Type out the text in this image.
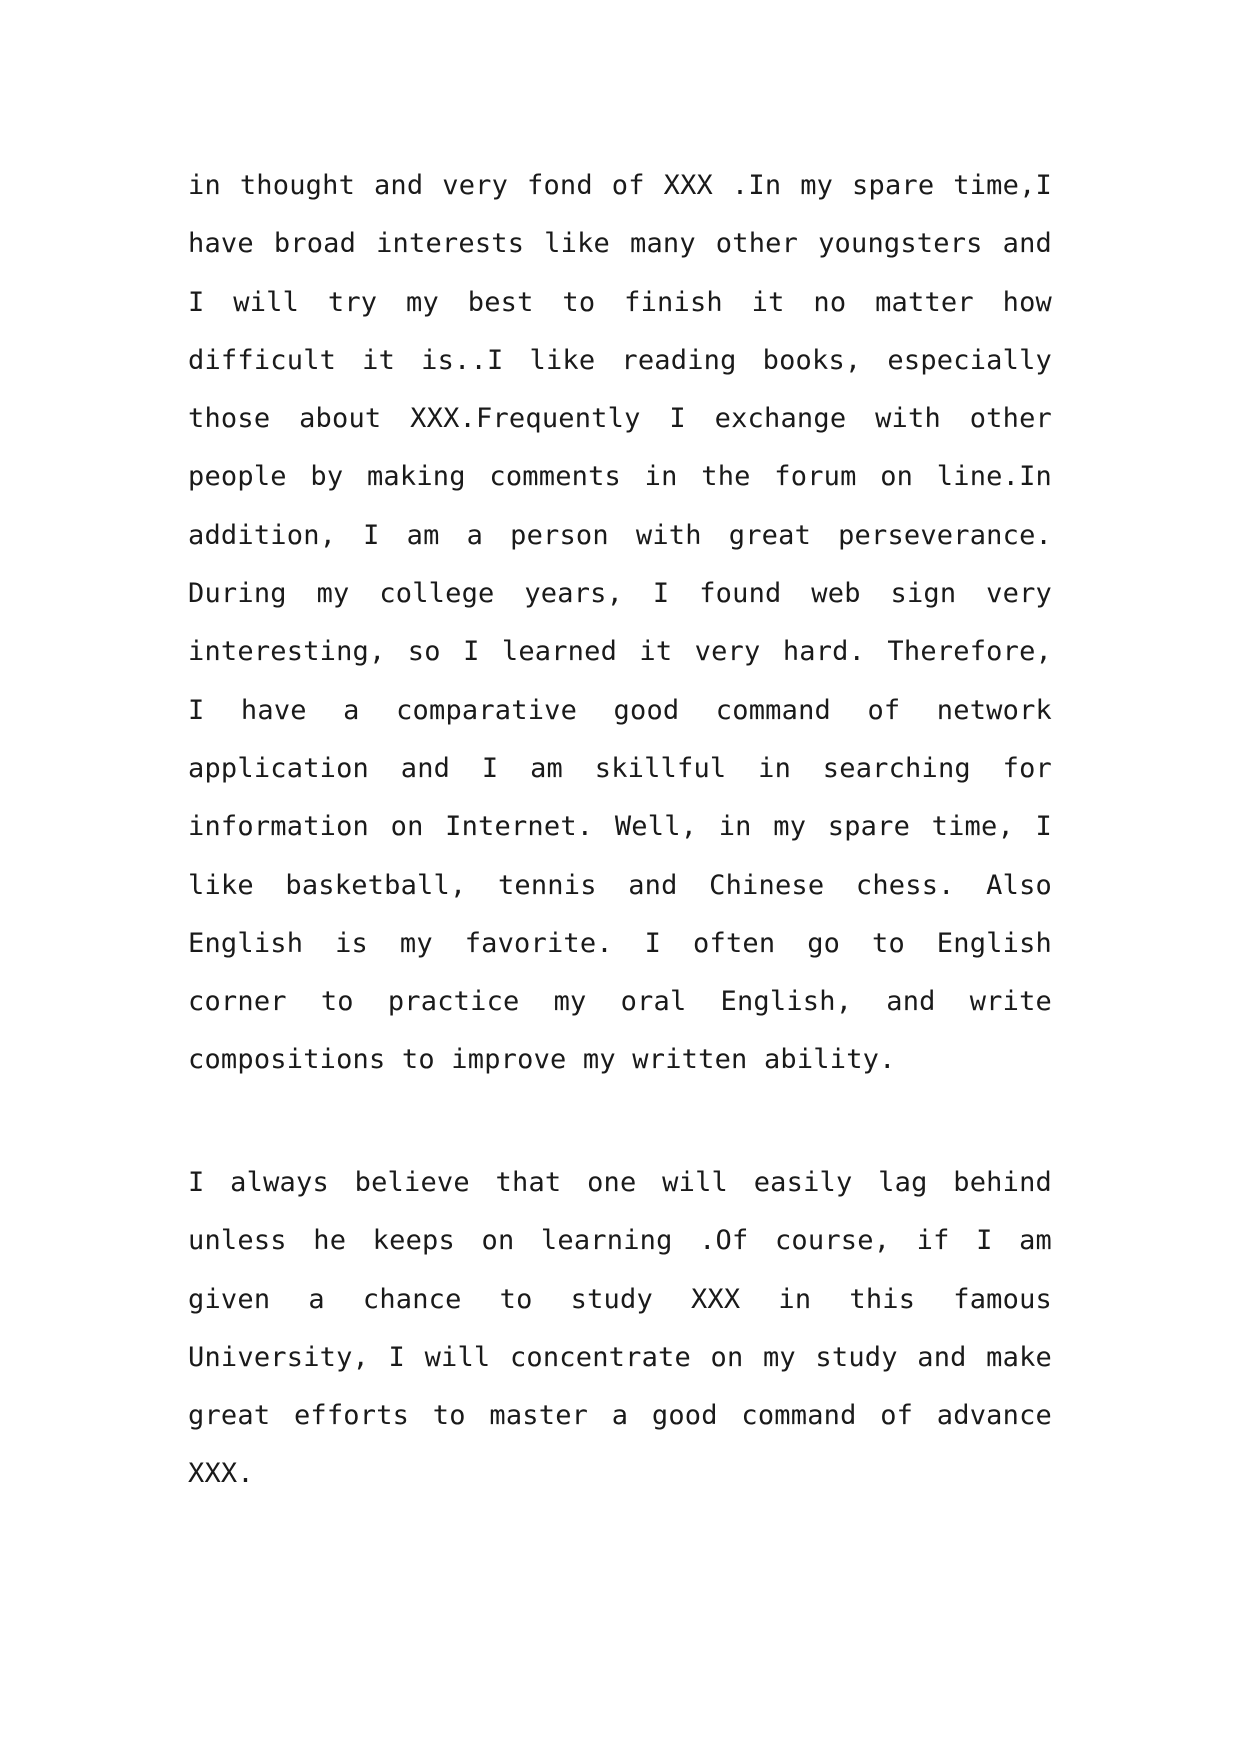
in thought and very fond of XXX .In my spare time,I
have broad interests like many other youngsters and
I will try my best to finish it no matter how
difficult it is..I like reading books, especially
those about XXX.Frequently I exchange with other
people by making comments in the forum on line.In
addition, I am a person with great perseverance.
During my college years, I found web sign very
interesting, so I learned it very hard. Therefore,
I have a comparative good command of network
application and I am skillful in searching for
information on Internet. Well, in my spare time, I
like basketball, tennis and Chinese chess. Also
English is my favorite. I often go to English
corner to practice my oral English, and write
compositions to improve my written ability.
I always believe that one will easily lag behind
unless he keeps on learning .Of course, if I am
given a chance to study XXX in this famous
University, I will concentrate on my study and make
great efforts to master a good command of advance
XXX.
